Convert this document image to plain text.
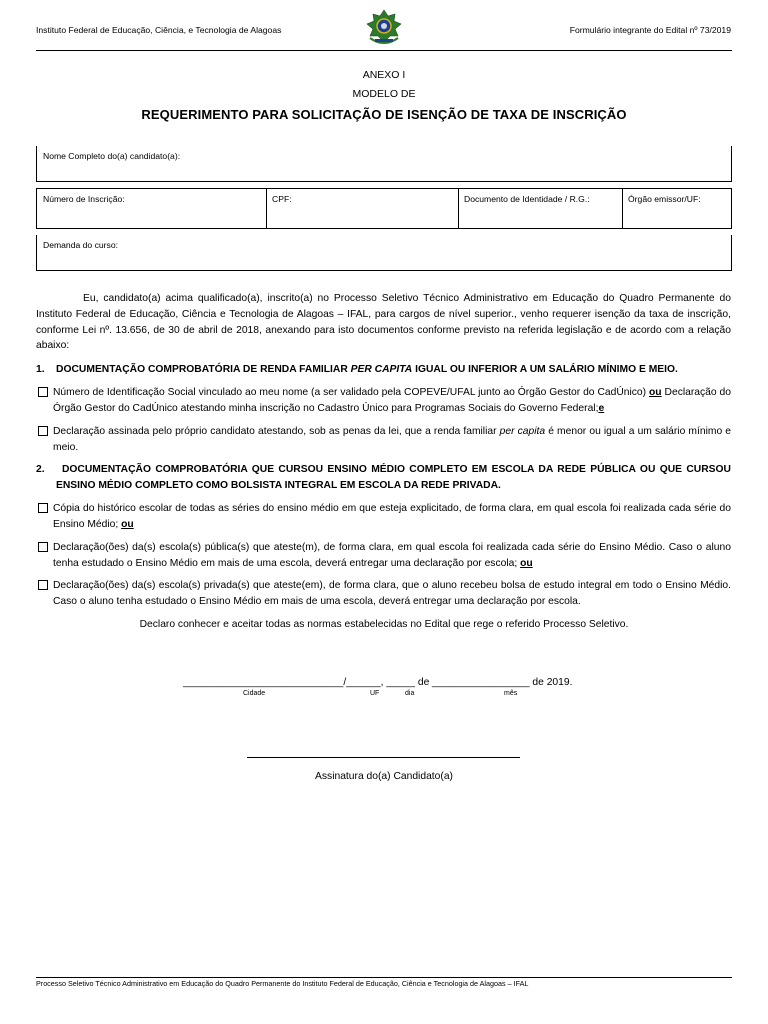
Instituto Federal de Educação, Ciência, e Tecnologia de Alagoas	Formulário integrante do Edital nº 73/2019
ANEXO I
MODELO DE
REQUERIMENTO PARA SOLICITAÇÃO DE ISENÇÃO DE TAXA DE INSCRIÇÃO
Nome Completo do(a) candidato(a):
Número de Inscrição:	CPF:	Documento de Identidade / R.G.:	Órgão emissor/UF:
Demanda do curso:
Eu, candidato(a) acima qualificado(a), inscrito(a) no Processo Seletivo Técnico Administrativo em Educação do Quadro Permanente do Instituto Federal de Educação, Ciência e Tecnologia de Alagoas – IFAL, para cargos de nível superior., venho requerer isenção da taxa de inscrição, conforme Lei nº. 13.656, de 30 de abril de 2018, anexando para isto documentos conforme previsto na referida legislação e de acordo com a relação abaixo:
1. DOCUMENTAÇÃO COMPROBATÓRIA DE RENDA FAMILIAR PER CAPITA IGUAL OU INFERIOR A UM SALÁRIO MÍNIMO E MEIO.
Número de Identificação Social vinculado ao meu nome (a ser validado pela COPEVE/UFAL junto ao Órgão Gestor do CadÚnico) ou Declaração do Órgão Gestor do CadÚnico atestando minha inscrição no Cadastro Único para Programas Sociais do Governo Federal;e
Declaração assinada pelo próprio candidato atestando, sob as penas da lei, que a renda familiar per capita é menor ou igual a um salário mínimo e meio.
2. DOCUMENTAÇÃO COMPROBATÓRIA QUE CURSOU ENSINO MÉDIO COMPLETO EM ESCOLA DA REDE PÚBLICA OU QUE CURSOU ENSINO MÉDIO COMPLETO COMO BOLSISTA INTEGRAL EM ESCOLA DA REDE PRIVADA.
Cópia do histórico escolar de todas as séries do ensino médio em que esteja explicitado, de forma clara, em qual escola foi realizada cada série do Ensino Médio; ou
Declaração(ões) da(s) escola(s) pública(s) que ateste(m), de forma clara, em qual escola foi realizada cada série do Ensino Médio. Caso o aluno tenha estudado o Ensino Médio em mais de uma escola, deverá entregar uma declaração por escola; ou
Declaração(ões) da(s) escola(s) privada(s) que ateste(em), de forma clara, que o aluno recebeu bolsa de estudo integral em todo o Ensino Médio. Caso o aluno tenha estudado o Ensino Médio em mais de uma escola, deverá entregar uma declaração por escola.
Declaro conhecer e aceitar todas as normas estabelecidas no Edital que rege o referido Processo Seletivo.
____________________________/______, _____ de _________________ de 2019.
Cidade	UF	dia	mês
Assinatura do(a) Candidato(a)
Processo Seletivo Técnico Administrativo em Educação do Quadro Permanente do Instituto Federal de Educação, Ciência e Tecnologia de Alagoas – IFAL
